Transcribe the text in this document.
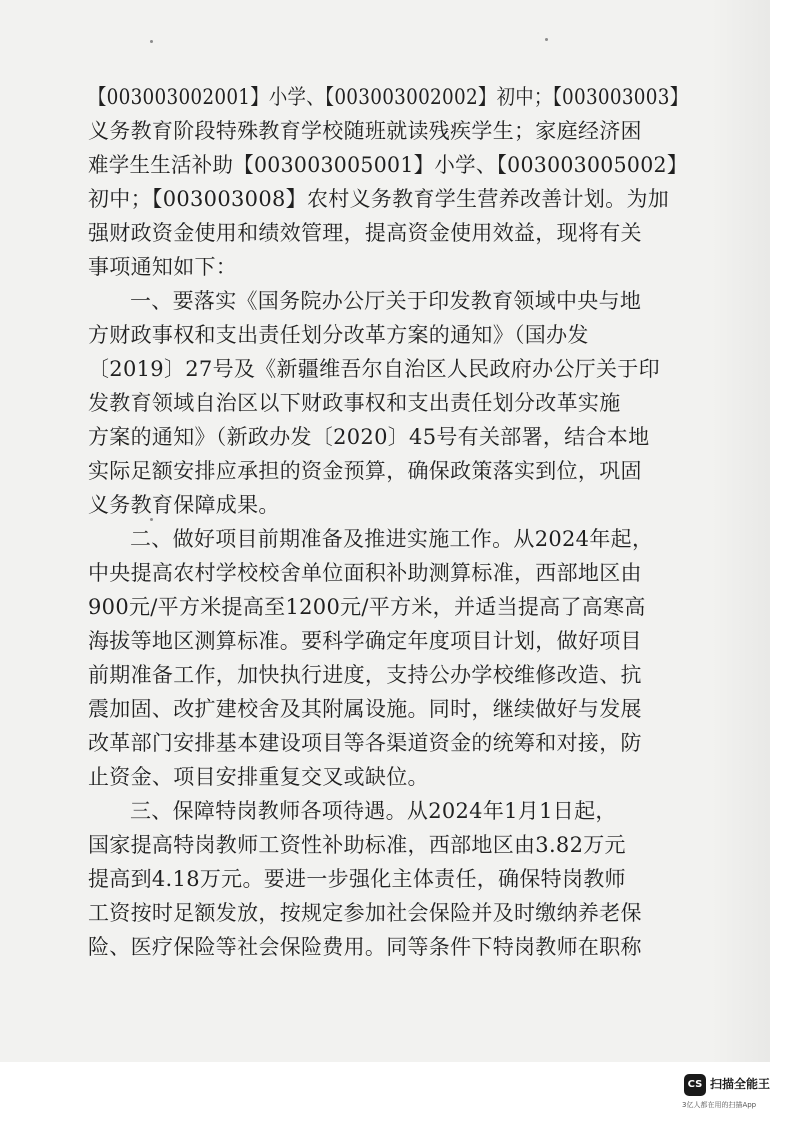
【003003002001】小学、【003003002002】初中；【003003003】
义务教育阶段特殊教育学校随班就读残疾学生；家庭经济困
难学生生活补助【003003005001】小学、【003003005002】
初中；【003003008】农村义务教育学生营养改善计划。为加
强财政资金使用和绩效管理，提高资金使用效益，现将有关
事项通知如下：
一、要落实《国务院办公厅关于印发教育领域中央与地
方财政事权和支出责任划分改革方案的通知》（国办发
〔2019〕27号及《新疆维吾尔自治区人民政府办公厅关于印
发教育领域自治区以下财政事权和支出责任划分改革实施
方案的通知》（新政办发〔2020〕45号有关部署，结合本地
实际足额安排应承担的资金预算，确保政策落实到位，巩固
义务教育保障成果。
二、做好项目前期准备及推进实施工作。从2024年起，
中央提高农村学校校舍单位面积补助测算标准，西部地区由
900元/平方米提高至1200元/平方米，并适当提高了高寒高
海拔等地区测算标准。要科学确定年度项目计划，做好项目
前期准备工作，加快执行进度，支持公办学校维修改造、抗
震加固、改扩建校舍及其附属设施。同时，继续做好与发展
改革部门安排基本建设项目等各渠道资金的统筹和对接，防
止资金、项目安排重复交叉或缺位。
三、保障特岗教师各项待遇。从2024年1月1日起，
国家提高特岗教师工资性补助标准，西部地区由3.82万元
提高到4.18万元。要进一步强化主体责任，确保特岗教师
工资按时足额发放，按规定参加社会保险并及时缴纳养老保
险、医疗保险等社会保险费用。同等条件下特岗教师在职称
CS 扫描全能王
3亿人都在用的扫描App
